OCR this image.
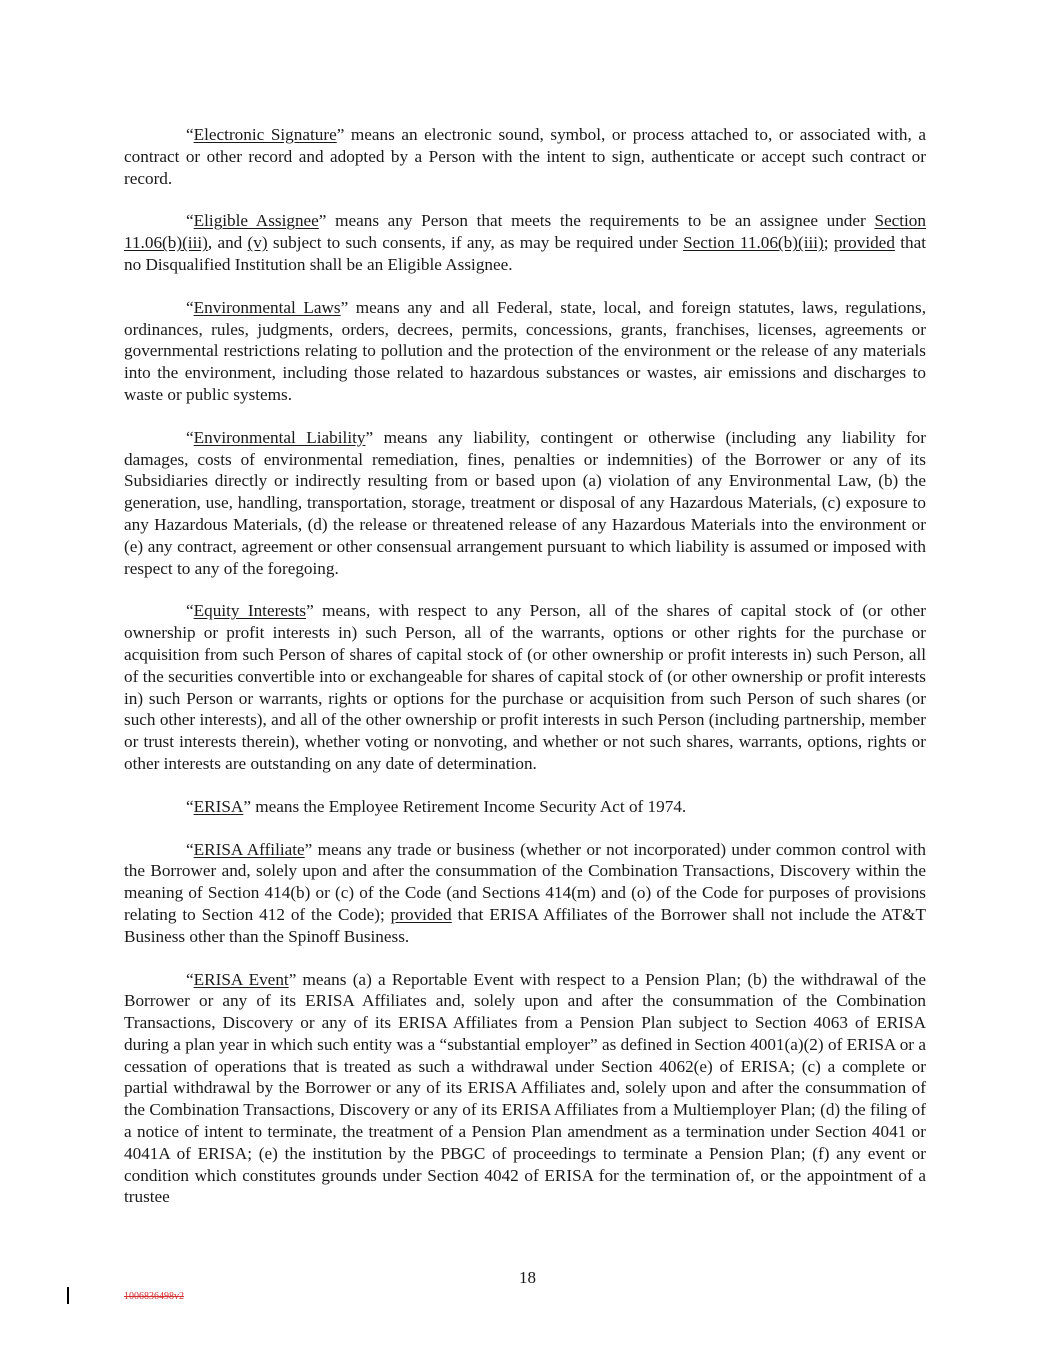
“Electronic Signature” means an electronic sound, symbol, or process attached to, or associated with, a contract or other record and adopted by a Person with the intent to sign, authenticate or accept such contract or record.

“Eligible Assignee” means any Person that meets the requirements to be an assignee under Section 11.06(b)(iii), and (v) subject to such consents, if any, as may be required under Section 11.06(b)(iii); provided that no Disqualified Institution shall be an Eligible Assignee.

“Environmental Laws” means any and all Federal, state, local, and foreign statutes, laws, regulations, ordinances, rules, judgments, orders, decrees, permits, concessions, grants, franchises, licenses, agreements or governmental restrictions relating to pollution and the protection of the environment or the release of any materials into the environment, including those related to hazardous substances or wastes, air emissions and discharges to waste or public systems.

“Environmental Liability” means any liability, contingent or otherwise (including any liability for damages, costs of environmental remediation, fines, penalties or indemnities) of the Borrower or any of its Subsidiaries directly or indirectly resulting from or based upon (a) violation of any Environmental Law, (b) the generation, use, handling, transportation, storage, treatment or disposal of any Hazardous Materials, (c) exposure to any Hazardous Materials, (d) the release or threatened release of any Hazardous Materials into the environment or (e) any contract, agreement or other consensual arrangement pursuant to which liability is assumed or imposed with respect to any of the foregoing.

“Equity Interests” means, with respect to any Person, all of the shares of capital stock of (or other ownership or profit interests in) such Person, all of the warrants, options or other rights for the purchase or acquisition from such Person of shares of capital stock of (or other ownership or profit interests in) such Person, all of the securities convertible into or exchangeable for shares of capital stock of (or other ownership or profit interests in) such Person or warrants, rights or options for the purchase or acquisition from such Person of such shares (or such other interests), and all of the other ownership or profit interests in such Person (including partnership, member or trust interests therein), whether voting or nonvoting, and whether or not such shares, warrants, options, rights or other interests are outstanding on any date of determination.

“ERISA” means the Employee Retirement Income Security Act of 1974.

“ERISA Affiliate” means any trade or business (whether or not incorporated) under common control with the Borrower and, solely upon and after the consummation of the Combination Transactions, Discovery within the meaning of Section 414(b) or (c) of the Code (and Sections 414(m) and (o) of the Code for purposes of provisions relating to Section 412 of the Code); provided that ERISA Affiliates of the Borrower shall not include the AT&T Business other than the Spinoff Business.

“ERISA Event” means (a) a Reportable Event with respect to a Pension Plan; (b) the withdrawal of the Borrower or any of its ERISA Affiliates and, solely upon and after the consummation of the Combination Transactions, Discovery or any of its ERISA Affiliates from a Pension Plan subject to Section 4063 of ERISA during a plan year in which such entity was a “substantial employer” as defined in Section 4001(a)(2) of ERISA or a cessation of operations that is treated as such a withdrawal under Section 4062(e) of ERISA; (c) a complete or partial withdrawal by the Borrower or any of its ERISA Affiliates and, solely upon and after the consummation of the Combination Transactions, Discovery or any of its ERISA Affiliates from a Multiemployer Plan; (d) the filing of a notice of intent to terminate, the treatment of a Pension Plan amendment as a termination under Section 4041 or 4041A of ERISA; (e) the institution by the PBGC of proceedings to terminate a Pension Plan; (f) any event or condition which constitutes grounds under Section 4042 of ERISA for the termination of, or the appointment of a trustee

18
1006836498v2
